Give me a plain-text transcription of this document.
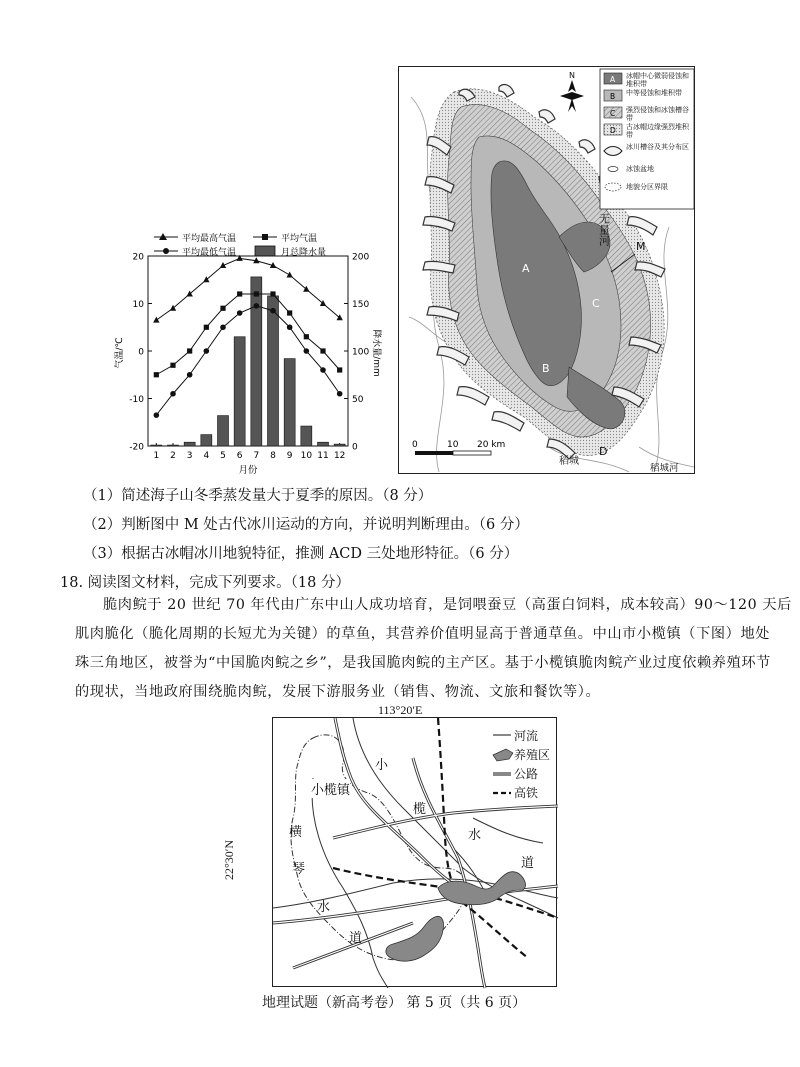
平均最高气温	平均气温
平均最低气温	月总降水量
20
10
0
-10
-20
200
150
100
50
0
1 2 3 4 5 6 7 8 9 10 11 12
气温/℃	降水量/mm
月份
A
B
C
D
M
无量河
稻城
稻城河
0	10 20 km
N	A
B
C
D
冰帽中心微弱侵蚀和堆积带
中等侵蚀和堆积带
强烈侵蚀和冰蚀槽谷带
古冰帽边缘强烈堆积带
冰川槽谷及其分布区
冰蚀盆地
地貌分区界限
（1）简述海子山冬季蒸发量大于夏季的原因。（8 分）
（2）判断图中 M 处古代冰川运动的方向，并说明判断理由。（6 分）
（3）根据古冰帽冰川地貌特征，推测 ACD 三处地形特征。（6 分）
18. 阅读图文材料，完成下列要求。（18 分）
脆肉鲩于 20 世纪 70 年代由广东中山人成功培育，是饲喂蚕豆（高蛋白饲料，成本较高）90～120 天后
肌肉脆化（脆化周期的长短尤为关键）的草鱼，其营养价值明显高于普通草鱼。中山市小榄镇（下图）地处
珠三角地区，被誉为“中国脆肉鲩之乡”，是我国脆肉鲩的主产区。基于小榄镇脆肉鲩产业过度依赖养殖环节
的现状，当地政府围绕脆肉鲩，发展下游服务业（销售、物流、文旅和餐饮等）。
113°20′E
22°30′N
河流
养殖区
公路
高铁
小榄镇
小
榄
水
道
横
琴
水
道
地理试题（新高考卷） 第 5 页（共 6 页）
